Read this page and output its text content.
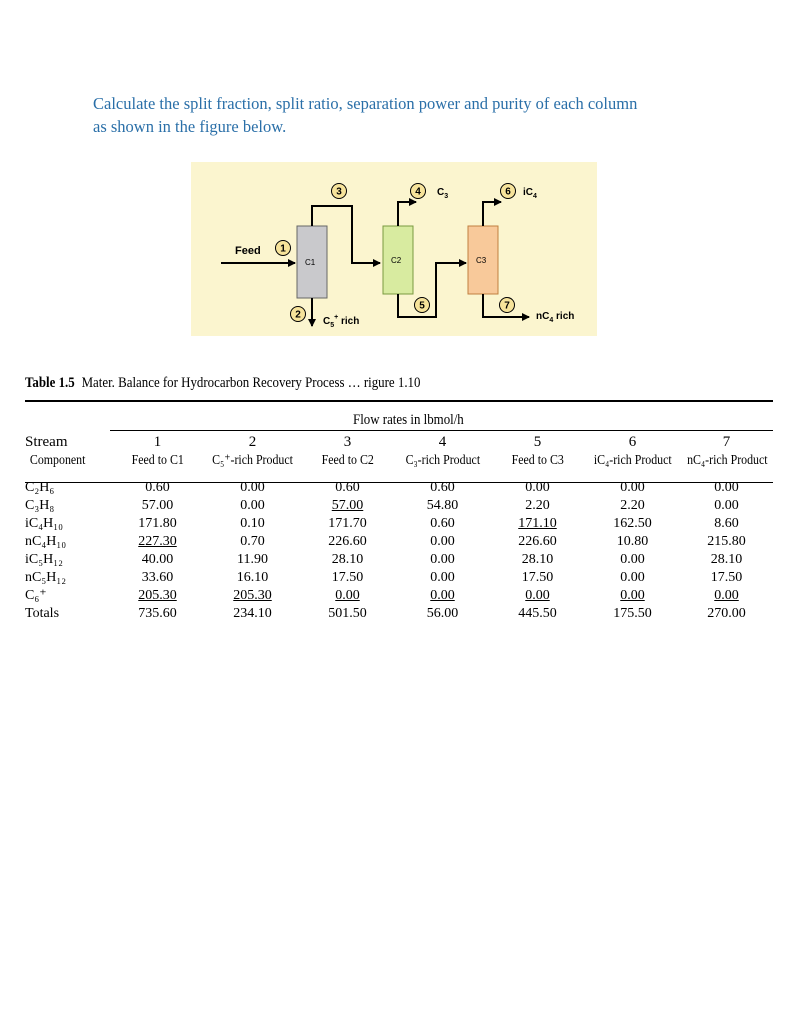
Calculate the split fraction, split ratio, separation power and purity of each column
as shown in the figure below.
Feed
C1	C2	C3
1
2
3	4
5
6
7
$C_3$	$iC_4$
$C_5^+$ rich	$nC_4$ rich
Table 1.5 Mater. Balance for Hydrocarbon Recovery Process … rigure 1.10
Flow rates in lbmol/h
Stream	1	2	3	4	5	6	7
Component	Feed to C1	C₅⁺-rich Product	Feed to C2	C₃-rich Product	Feed to C3	iC₄-rich Product	nC₄-rich Product

C₂H₆	0.60	0.00	0.60	0.60	0.00	0.00	0.00
C₃H₈	57.00	0.00	57.00	54.80	2.20	2.20	0.00
iC₄H₁₀	171.80	0.10	171.70	0.60	171.10	162.50	8.60
nC₄H₁₀	227.30	0.70	226.60	0.00	226.60	10.80	215.80
iC₅H₁₂	40.00	11.90	28.10	0.00	28.10	0.00	28.10
nC₅H₁₂	33.60	16.10	17.50	0.00	17.50	0.00	17.50
C₆⁺	205.30	205.30	0.00	0.00	0.00	0.00	0.00
Totals	735.60	234.10	501.50	56.00	445.50	175.50	270.00
